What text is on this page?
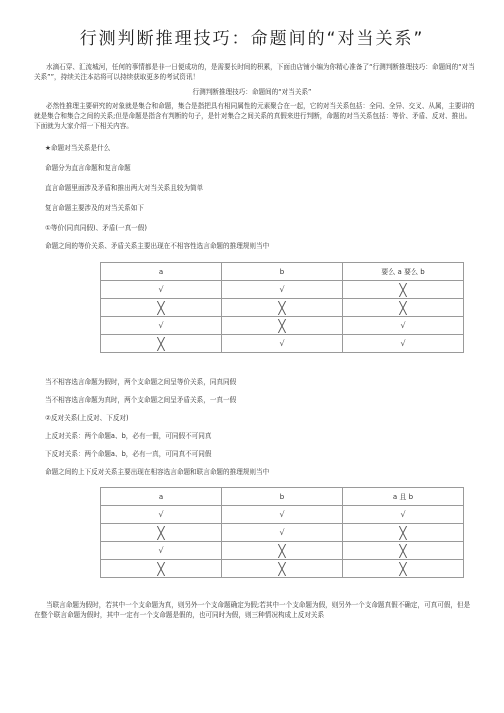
行测判断推理技巧：命题间的“对当关系”
水滴石穿、汇流城河，任何的事情都是非一日便成功的，是需要长时间的积累，下面由店铺小编为你精心准备了“行测判断推理技巧：命题间的“对当关系””，持续关注本站将可以持续获取更多的考试资讯！
行测判断推理技巧：命题间的“对当关系”
必然性推理主要研究的对象就是集合和命题，集合是指把具有相同属性的元素聚合在一起，它的对当关系包括：全同、全异、交叉、从属，主要讲的就是集合和集合之间的关系;但是命题是指含有判断的句子，是针对集合之间关系的真假来进行判断，命题的对当关系包括：等价、矛盾、反对、推出。下面就为大家介绍一下相关内容。
★命题对当关系是什么
命题分为直言命题和复言命题
直言命题里面涉及矛盾和推出两大对当关系且较为简单
复言命题主要涉及的对当关系如下
①等价(同真同假)、矛盾(一真一假)
命题之间的等价关系、矛盾关系主要出现在不相容性选言命题的推理规则当中
a	b	要么 a 要么 b
√	√	╳
╳	╳	╳
√	╳	√
╳	√	√
当不相容选言命题为假时，两个支命题之间呈等价关系，同真同假
当不相容选言命题为真时，两个支命题之间呈矛盾关系，一真一假
②反对关系(上反对、下反对)
上反对关系：两个命题a、b，必有一假，可同假不可同真
下反对关系：两个命题a、b，必有一真，可同真不可同假
命题之间的上下反对关系主要出现在相容选言命题和联言命题的推理规则当中
a	b	a 且 b
√	√	√
╳	√	╳
√	╳	╳
╳	╳	╳
当联言命题为假时，若其中一个支命题为真，则另外一个支命题确定为假;若其中一个支命题为假，则另外一个支命题真假不确定，可真可假，但是在整个联言命题为假时，其中一定有一个支命题是假的，也可同时为假，则三种情况构成上反对关系
